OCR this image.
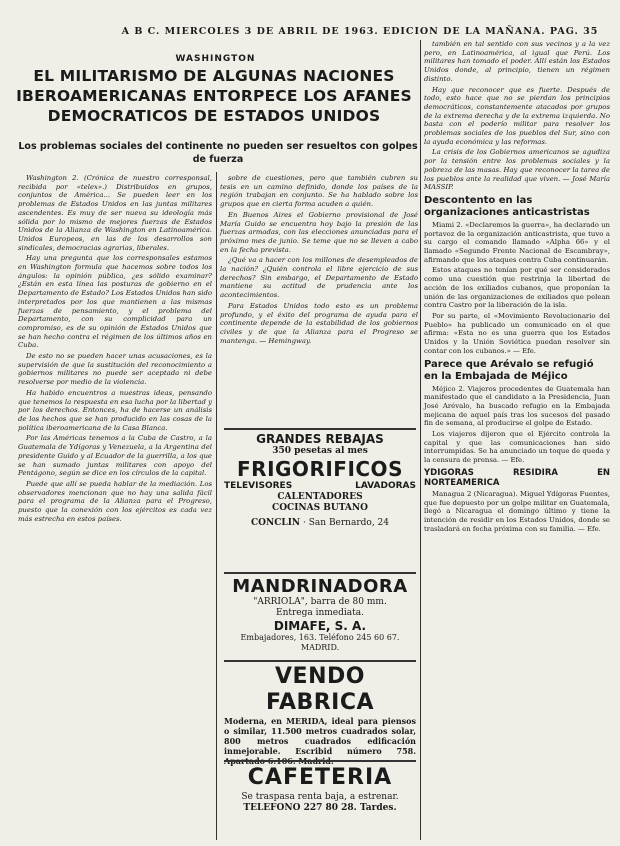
A B C. MIERCOLES 3 DE ABRIL DE 1963. EDICION DE LA MAÑANA. PAG. 35
WASHINGTON
EL MILITARISMO DE ALGUNAS NACIONES IBEROAMERICANAS ENTORPECE LOS AFANES DEMOCRATICOS DE ESTADOS UNIDOS
Los problemas sociales del continente no pueden ser resueltos con golpes de fuerza

Washington 2. (Crónica de nuestro corresponsal, recibida por «telex».) Distribuidos en grupos, conjuntos de América... Se pueden leer en los problemas de Estados Unidos en las juntas militares ascendentes. Es muy de ser nueva su ideología más sólida por lo mismo de mejores fuerzas de Estados Unidos de la Alianza de Washington en Latinoamérica. Unidos Europeos, en las de los desarrollos son sindicales, democracias agrarias, liberales.

Hay una pregunta que los corresponsales estamos en Washington formula que hacemos sobre todos los ángulos: la opinión pública, ¿es sólido examinar? ¿Están en esta línea las posturas de gobierno en el Departamento de Estado? Los Estados Unidos han sido interpretados por los que mantienen a las mismas fuerzas de pensamiento, y el problema del Departamento, con su complicidad para un compromiso, es de su opinión de Estados Unidos que se han hecho contra el régimen de los últimos años en Cuba.

De esto no se pueden hacer unas acusaciones, es la supervisión de que la sustitución del reconocimiento a gobiernos militares no puede ser aceptada ni debe resolverse por medio de la violencia.

Ha habido encuentros a nuestras ideas, pensando que tenemos la respuesta en esa lucha por la libertad y por los derechos. Entonces, ha de hacerse un análisis de los hechos que se han producido en las cosas de la política iberoamericana de la Casa Blanca.

Por las Américas tenemos a la Cuba de Castro, a la Guatemala de Ydígoras y Venezuela, a la Argentina del presidente Guido y al Ecuador de la guerrilla, a los que se han sumado juntas militares con apoyo del Pentágono, según se dice en los círculos de la capital.

Puede que allí se pueda hablar de la mediación. Los observadores mencionan que no hay una salida fácil para el programa de la Alianza para el Progreso, puesto que la conexión con los ejércitos es cada vez más estrecha en estos países.

sobre de cuestiones, pero que también cubren su tesis en un camino definido, donde los países de la región trabajan en conjunto. Se ha hablado sobre los grupos que en cierta forma acuden a quién.

En Buenos Aires el Gobierno provisional de José María Guido se encuentra hoy bajo la presión de las fuerzas armadas, con las elecciones anunciadas para el próximo mes de junio. Se teme que no se lleven a cabo en la fecha prevista.

¿Qué va a hacer con los millones de desempleados de la nación? ¿Quién controla el libre ejercicio de sus derechos? Sin embargo, el Departamento de Estado mantiene su actitud de prudencia ante los acontecimientos.

Para Estados Unidos todo esto es un problema profundo, y el éxito del programa de ayuda para el continente depende de la estabilidad de los gobiernos civiles y de que la Alianza para el Progreso se mantenga. — Hemingway.

GRANDES REBAJAS
350 pesetas al mes
FRIGORIFICOS
TELEVISORES	LAVADORAS
CALENTADORES
COCINAS BUTANO
CONCLIN · San Bernardo, 24
MANDRINADORA
"ARRIOLA", barra de 80 mm.
Entrega inmediata.
DIMAFE, S. A.
Embajadores, 163. Teléfono 245 60 67.
MADRID.
VENDO FABRICA
Moderna, en MERIDA, ideal para piensos o similar, 11.500 metros cuadrados solar, 800 metros cuadrados edificación inmejorable. Escribid número 758.
CAFETERIA
Se traspasa renta baja, a estrenar.
TELEFONO 227 80 28. Tardes.

también en tal sentido con sus vecinos y a la vez pero, en Latinoamérica, al igual que Perú. Los militares han tomado el poder. Allí están los Estados Unidos donde, al principio, tienen un régimen distinto.

Hay que reconocer que es fuerte. Después de todo, esto hace que no se pierdan los principios democráticos, constantemente atacados por grupos de la extrema derecha y de la extrema izquierda. No basta con el poderío militar para resolver los problemas sociales de los pueblos del Sur, sino con la ayuda económica y las reformas.

La crisis de los Gobiernos americanos se agudiza por la tensión entre los problemas sociales y la pobreza de las masas. Hay que reconocer la tarea de los pueblos ante la realidad que viven. — José María MASSIP.

Descontento en las organizaciones anticastristas

Miami 2. «Declaremos la guerra», ha declarado un portavoz de la organización anticastrista, que tuvo a su cargo el comando llamado «Alpha 66» y el llamado «Segundo Frente Nacional de Escambray», afirmando que los ataques contra Cuba continuarán.

Estos ataques no tenían por qué ser considerados como una cuestión que restrinja la libertad de acción de los exiliados cubanos, que proponían la unión de las organizaciones de exiliados que pelean contra Castro por la liberación de la isla.

Por su parte, el «Movimiento Revolucionario del Pueblo» ha publicado un comunicado en el que afirma: «Esta no es una guerra que los Estados Unidos y la Unión Soviética puedan resolver sin contar con los cubanos.» — Efe.

Parece que Arévalo se refugió en la Embajada de Méjico

Méjico 2. Viajeros procedentes de Guatemala han manifestado que el candidato a la Presidencia, Juan José Arévalo, ha buscado refugio en la Embajada mejicana de aquel país tras los sucesos del pasado fin de semana, al producirse el golpe de Estado.

Los viajeros dijeron que el Ejército controla la capital y que las comunicaciones han sido interrumpidas. Se ha anunciado un toque de queda y la censura de prensa. — Efe.

YDIGORAS RESIDIRA EN NORTEAMERICA

Managua 2 (Nicaragua). Miguel Ydígoras Fuentes, que fue depuesto por un golpe militar en Guatemala, llegó a Nicaragua el domingo último y tiene la intención de residir en los Estados Unidos, donde se trasladará en fecha próxima con su familia. — Efe.
